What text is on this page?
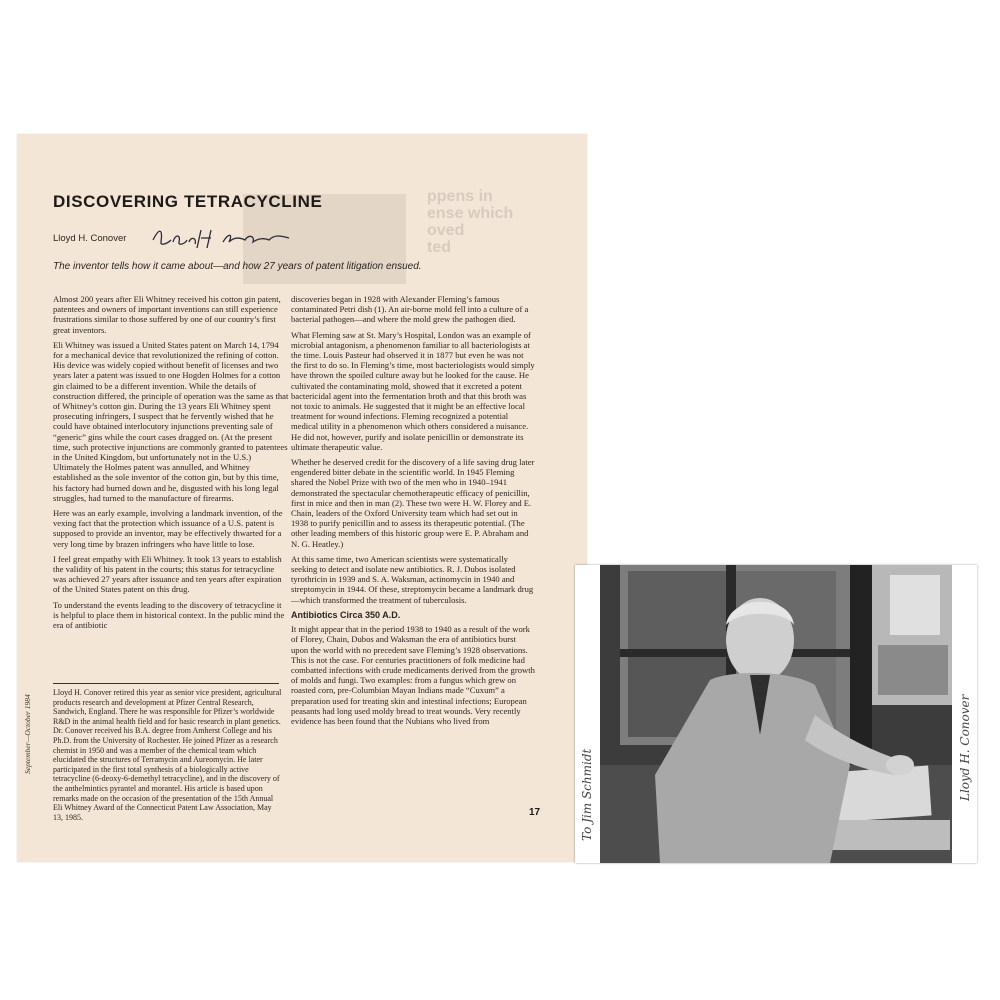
ppens in
ense which
oved
ted
DISCOVERING TETRACYCLINE
Lloyd H. Conover
The inventor tells how it came about—and how 27 years of patent litigation ensued.

Almost 200 years after Eli Whitney received his cotton gin patent, patentees and owners of important inventions can still experience frustrations similar to those suffered by one of our country’s first great inventors.

Eli Whitney was issued a United States patent on March 14, 1794 for a mechanical device that revolutionized the refining of cotton. His device was widely copied without benefit of licenses and two years later a patent was issued to one Hogden Holmes for a cotton gin claimed to be a different invention. While the details of construction differed, the principle of operation was the same as that of Whitney’s cotton gin. During the 13 years Eli Whitney spent prosecuting infringers, I suspect that he fervently wished that he could have obtained interlocutory injunctions preventing sale of “generic” gins while the court cases dragged on. (At the present time, such protective injunctions are commonly granted to patentees in the United Kingdom, but unfortunately not in the U.S.) Ultimately the Holmes patent was annulled, and Whitney established as the sole inventor of the cotton gin, but by this time, his factory had burned down and he, disgusted with his long legal struggles, had turned to the manufacture of firearms.

Here was an early example, involving a landmark invention, of the vexing fact that the protection which issuance of a U.S. patent is supposed to provide an inventor, may be effectively thwarted for a very long time by brazen infringers who have little to lose.

I feel great empathy with Eli Whitney. It took 13 years to establish the validity of his patent in the courts; this status for tetracycline was achieved 27 years after issuance and ten years after expiration of the United States patent on this drug.

To understand the events leading to the discovery of tetracycline it is helpful to place them in historical context. In the public mind the era of antibiotic

discoveries began in 1928 with Alexander Fleming’s famous contaminated Petri dish (1). An air-borne mold fell into a culture of a bacterial pathogen—and where the mold grew the pathogen died.

What Fleming saw at St. Mary’s Hospital, London was an example of microbial antagonism, a phenomenon familiar to all bacteriologists at the time. Louis Pasteur had observed it in 1877 but even he was not the first to do so. In Fleming’s time, most bacteriologists would simply have thrown the spoiled culture away but he looked for the cause. He cultivated the contaminating mold, showed that it excreted a potent bactericidal agent into the fermentation broth and that this broth was not toxic to animals. He suggested that it might be an effective local treatment for wound infections. Fleming recognized a potential medical utility in a phenomenon which others considered a nuisance. He did not, however, purify and isolate penicillin or demonstrate its ultimate therapeutic value.

Whether he deserved credit for the discovery of a life saving drug later engendered bitter debate in the scientific world. In 1945 Fleming shared the Nobel Prize with two of the men who in 1940–1941 demonstrated the spectacular chemotherapeutic efficacy of penicillin, first in mice and then in man (2). These two were H. W. Florey and E. Chain, leaders of the Oxford University team which had set out in 1938 to purify penicillin and to assess its therapeutic potential. (The other leading members of this historic group were E. P. Abraham and N. G. Heatley.)

At this same time, two American scientists were systematically seeking to detect and isolate new antibiotics. R. J. Dubos isolated tyrothricin in 1939 and S. A. Waksman, actinomycin in 1940 and streptomycin in 1944. Of these, streptomycin became a landmark drug—which transformed the treatment of tuberculosis.

Antibiotics Circa 350 A.D.

It might appear that in the period 1938 to 1940 as a result of the work of Florey, Chain, Dubos and Waksman the era of antibiotics burst upon the world with no precedent save Fleming’s 1928 observations. This is not the case. For centuries practitioners of folk medicine had combatted infections with crude medicaments derived from the growth of molds and fungi. Two examples: from a fungus which grew on roasted corn, pre-Columbian Mayan Indians made “Cuxum” a preparation used for treating skin and intestinal infections; European peasants had long used moldy bread to treat wounds. Very recently evidence has been found that the Nubians who lived from

Lloyd H. Conover retired this year as senior vice president, agricultural products research and development at Pfizer Central Research, Sandwich, England. There he was responsible for Pfizer’s worldwide R&D in the animal health field and for basic research in plant genetics. Dr. Conover received his B.A. degree from Amherst College and his Ph.D. from the University of Rochester. He joined Pfizer as a research chemist in 1950 and was a member of the chemical team which elucidated the structures of Terramycin and Aureomycin. He later participated in the first total synthesis of a biologically active tetracycline (6-deoxy-6-demethyl tetracycline), and in the discovery of the anthelmintics pyrantel and morantel. His article is based upon remarks made on the occasion of the presentation of the 15th Annual Eli Whitney Award of the Connecticut Patent Law Association, May 13, 1985.
September—October 1984
17	To Jim Schmidt	Lloyd H. Conover
